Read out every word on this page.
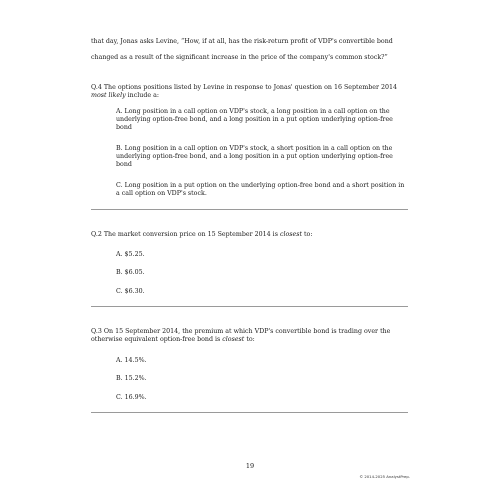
that day, Jonas asks Levine, “How, if at all, has the risk-return profit of VDP's convertible bond
changed as a result of the significant increase in the price of the company's common stock?”
Q.4 The options positions listed by Levine in response to Jonas' question on 16 September 2014 most likely include a:
A. Long position in a call option on VDP's stock, a long position in a call option on the underlying option-free bond, and a long position in a put option underlying option-free bond
B. Long position in a call option on VDP's stock, a short position in a call option on the underlying option-free bond, and a long position in a put option underlying option-free bond
C. Long position in a put option on the underlying option-free bond and a short position in a call option on VDP's stock.
Q.2 The market conversion price on 15 September 2014 is closest to:
A. $5.25.
B. $6.05.
C. $6.30.
Q.3 On 15 September 2014, the premium at which VDP's convertible bond is trading over the otherwise equivalent option-free bond is closest to:
A. 14.5%.
B. 15.2%.
C. 16.9%.
19
© 2014-2025 AnalystPrep.
